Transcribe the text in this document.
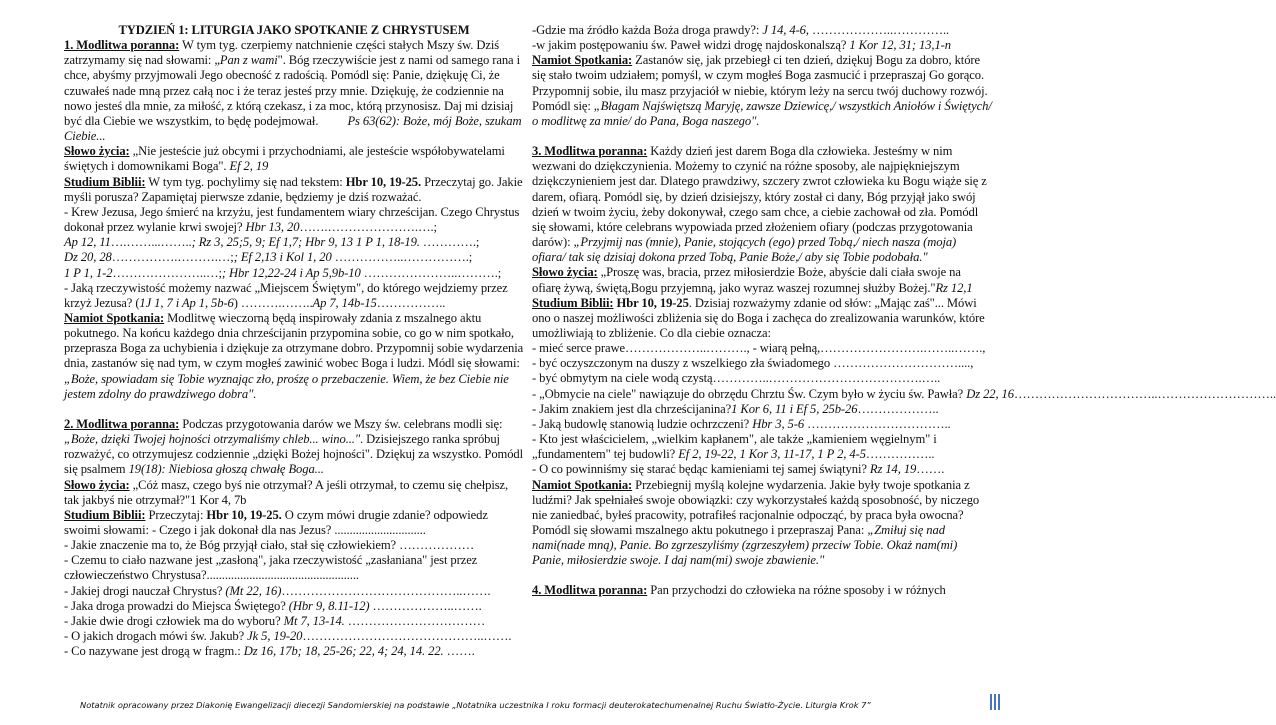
TYDZIEŃ 1: LITURGIA JAKO SPOTKANIE Z CHRYSTUSEM
1. Modlitwa poranna: W tym tyg. czerpiemy natchnienie części stałych Mszy św. Dziś zatrzymamy się nad słowami: „Pan z wami". Bóg rzeczywiście jest z nami od samego rana i chce, abyśmy przyjmowali Jego obecność z radością. Pomódl się: Panie, dziękuję Ci, że czuwałeś nade mną przez całą noc i że teraz jesteś przy mnie. Dziękuję, że codziennie na nowo jesteś dla mnie, za miłość, z którą czekasz, i za moc, którą przynosisz. Daj mi dzisiaj być dla Ciebie we wszystkim, to będę podejmował. Ps 63(62): Boże, mój Boże, szukam Ciebie...
Słowo życia: „Nie jesteście już obcymi i przychodniami, ale jesteście współobywatelami świętych i domownikami Boga". Ef 2, 19
Studium Biblii: W tym tyg. pochylimy się nad tekstem: Hbr 10, 19-25. Przeczytaj go. Jakie myśli porusza? Zapamiętaj pierwsze zdanie, będziemy je dziś rozważać.
- Krew Jezusa, Jego śmierć na krzyżu, jest fundamentem wiary chrześcijan. Czego Chrystus dokonał przez wylanie krwi swojej? Hbr 13, 20…….………………….….;
Ap 12, 11….……...……..; Rz 3, 25;5, 9; Ef 1,7; Hbr 9, 13 1 P 1, 18-19. ………….;
Dz 20, 28…………….……….…;; Ef 2,13 i Kol 1, 20 ……………..…………….;
1 P 1, 1-2…………………..…;; Hbr 12,22-24 i Ap 5,9b-10 …………………..……….;
- Jaką rzeczywistość możemy nazwać „Miejscem Świętym", do którego wejdziemy przez krzyż Jezusa? (1J 1, 7 i Ap 1, 5b-6) ……….……..Ap 7, 14b-15……………..
Namiot Spotkania: Modlitwę wieczorną będą inspirowały zdania z mszalnego aktu pokutnego. Na końcu każdego dnia chrześcijanin przypomina sobie, co go w nim spotkało, przeprasza Boga za uchybienia i dziękuje za otrzymane dobro. Przypomnij sobie wydarzenia dnia, zastanów się nad tym, w czym mogłeś zawinić wobec Boga i ludzi. Módl się słowami: „Boże, spowiadam się Tobie wyznając zło, prośzę o przebaczenie. Wiem, że bez Ciebie nie jestem zdolny do prawdziwego dobra".
2. Modlitwa poranna: Podczas przygotowania darów we Mszy św. celebrans modli się: „Boże, dzięki Twojej hojności otrzymaliśmy chleb... wino...". Dzisiejszego ranka spróbuj rozważyć, co otrzymujesz codziennie „dzięki Bożej hojności". Dziękuj za wszystko. Pomódl się psalmem 19(18): Niebiosa głoszą chwałę Boga...
Słowo życia: „Cóż masz, czego byś nie otrzymał? A jeśli otrzymał, to czemu się chełpisz, tak jakbyś nie otrzymał?"1 Kor 4, 7b
Studium Biblii: Przeczytaj: Hbr 10, 19-25. O czym mówi drugie zdanie? odpowiedz swoimi słowami: - Czego i jak dokonał dla nas Jezus? ..............................
- Jakie znaczenie ma to, że Bóg przyjął ciało, stał się człowiekiem? ………………
- Czemu to ciało nazwane jest „zasłoną", jaka rzeczywistość „zasłaniana" jest przez człowieczeństwo Chrystusa?..................................................
- Jakiej drogi nauczał Chrystus? (Mt 22, 16)……………………………………..…….
- Jaka droga prowadzi do Miejsca Świętego? (Hbr 9, 8.11-12) ………………..…….
- Jakie dwie drogi człowiek ma do wyboru? Mt 7, 13-14. ……………………………
- O jakich drogach mówi św. Jakub? Jk 5, 19-20……………………………………..…….
- Co nazywane jest drogą w fragm.: Dz 16, 17b; 18, 25-26; 22, 4; 24, 14. 22. …….
-Gdzie ma źródło każda Boża droga prawdy?: J 14, 4-6, ………………..…………..
-w jakim postępowaniu św. Paweł widzi drogę najdoskonalszą? 1 Kor 12, 31; 13,1-n
Namiot Spotkania: Zastanów się, jak przebiegł ci ten dzień, dziękuj Bogu za dobro, które się stało twoim udziałem; pomyśl, w czym mogłeś Boga zasmucić i przepraszaj Go gorąco. Przypomnij sobie, ilu masz przyjaciół w niebie, którym leży na sercu twój duchowy rozwój. Pomódl się: „Błagam Najświętszą Maryję, zawsze Dziewicę,/ wszystkich Aniołów i Świętych/ o modlitwę za mnie/ do Pana, Boga naszego".
3. Modlitwa poranna: Każdy dzień jest darem Boga dla człowieka. Jesteśmy w nim wezwani do dziękczynienia. Możemy to czynić na różne sposoby, ale najpiękniejszym dziękczynieniem jest dar. Dlatego prawdziwy, szczery zwrot człowieka ku Bogu wiąże się z darem, ofiarą. Pomódl się, by dzień dzisiejszy, który został ci dany, Bóg przyjął jako swój dzień w twoim życiu, żeby dokonywał, czego sam chce, a ciebie zachował od zła. Pomódl się słowami, które celebrans wypowiada przed złożeniem ofiary (podczas przygotowania darów): „Przyjmij nas (mnie), Panie, stojących (ego) przed Tobą,/ niech nasza (moja) ofiara/ tak się dzisiaj dokona przed Tobą, Panie Boże,/ aby się Tobie podobała."
Słowo życia: „Proszę was, bracia, przez miłosierdzie Boże, abyście dali ciała swoje na ofiarę żywą, świętą,Bogu przyjemną, jako wyraz waszej rozumnej służby Bożej."Rz 12,1
Studium Biblii: Hbr 10, 19-25. Dzisiaj rozważymy zdanie od słów: „Mając zaś"... Mówi ono o naszej możliwości zbliżenia się do Boga i zachęca do zrealizowania warunków, które umożliwiają to zbliżenie. Co dla ciebie oznacza:
- mieć serce prawe………………..………., - wiarą pełną,…………………….……..…….,
- być oczyszczonym na duszy z wszelkiego zła świadomego …………………………....,
- być obmytym na ciele wodą czystą…………..……………………………….…..
- „Obmycie na ciele" nawiązuje do obrzędu Chrztu Św. Czym było w życiu św. Pawła? Dz 22, 16……………………………..………………………..
- Jakim znakiem jest dla chrześcijanina?1 Kor 6, 11 i Ef 5, 25b-26………………..
- Jaką budowlę stanowią ludzie ochrzczeni? Hbr 3, 5-6 ……………………………..
- Kto jest właścicielem, „wielkim kapłanem", ale także „kamieniem węgielnym" i „fundamentem" tej budowli? Ef 2, 19-22, 1 Kor 3, 11-17, 1 P 2, 4-5……………..
- O co powinniśmy się starać będąc kamieniami tej samej świątyni? Rz 14, 19…….
Namiot Spotkania: Przebiegnij myślą kolejne wydarzenia. Jakie były twoje spotkania z ludźmi? Jak spełniałeś swoje obowiązki: czy wykorzystałeś każdą sposobność, by niczego nie zaniedbać, byłeś pracowity, potrafiłeś racjonalnie odpocząć, by praca była owocna? Pomódl się słowami mszalnego aktu pokutnego i przepraszaj Pana: „Zmiłuj się nad nami(nade mną), Panie. Bo zgrzeszyliśmy (zgrzeszyłem) przeciw Tobie. Okaż nam(mi) Panie, miłosierdzie swoje. I daj nam(mi) swoje zbawienie."
4. Modlitwa poranna: Pan przychodzi do człowieka na różne sposoby i w różnych
Notatnik opracowany przez Diakonię Ewangelizacji diecezji Sandomierskiej na podstawie „Notatnika uczestnika I roku formacji deuterokatechumenalnej Ruchu Światło-Życie. Liturgia Krok 7”
